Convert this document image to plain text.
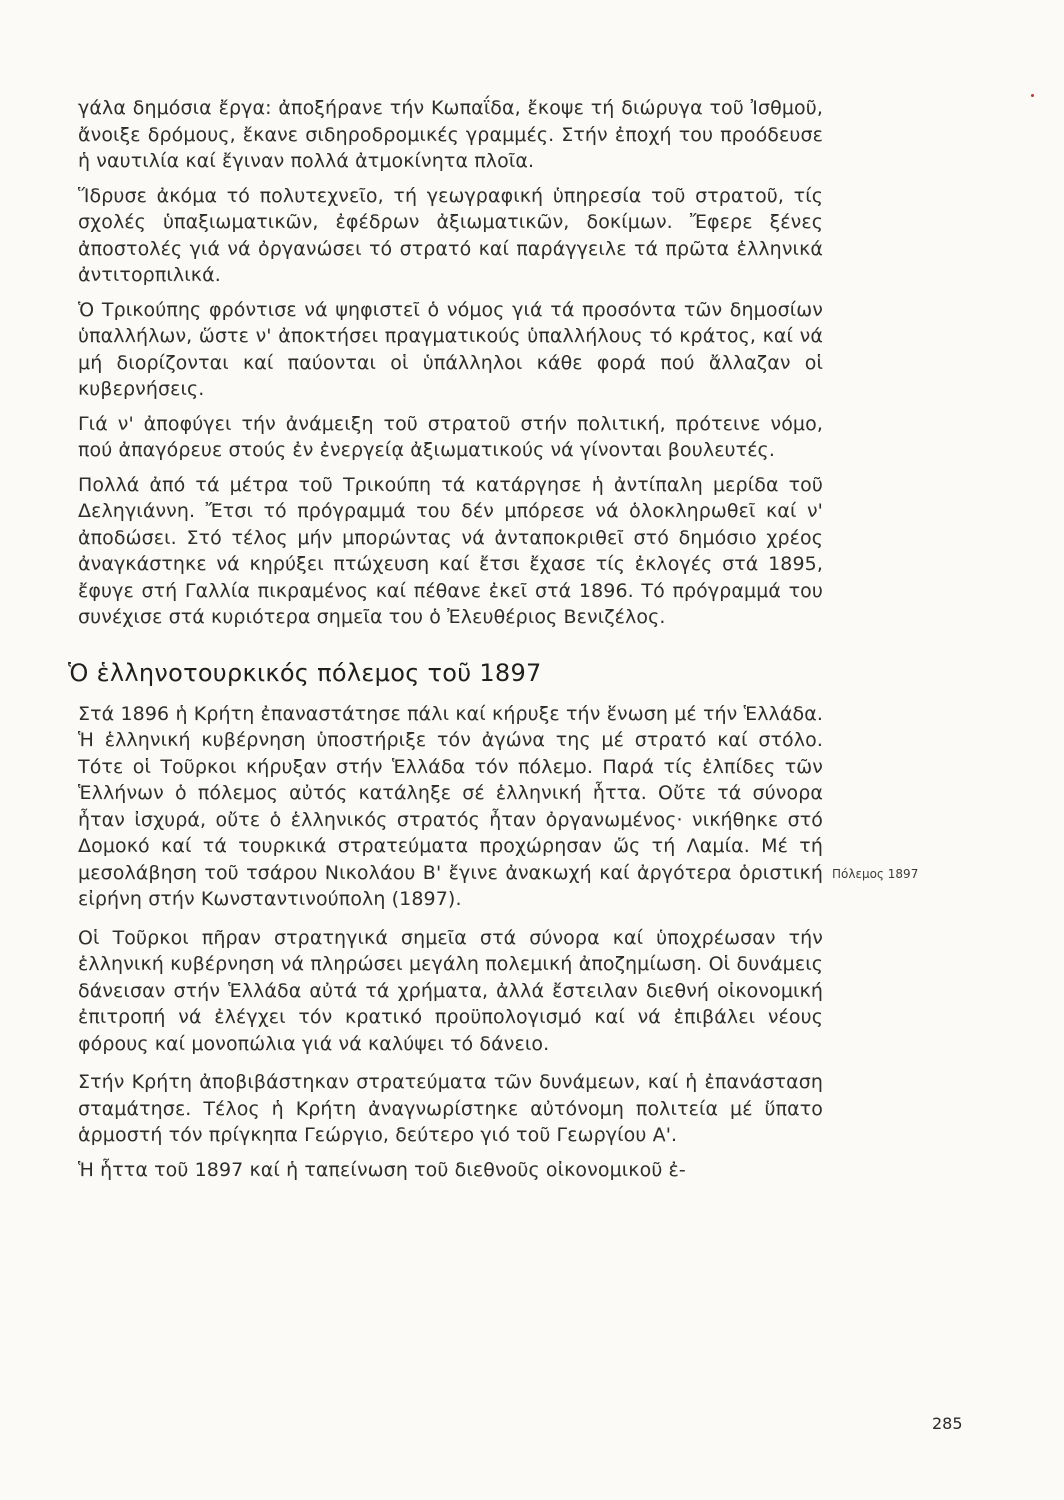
γάλα δημόσια ἔργα: ἀποξήρανε τήν Κωπαΐδα, ἔκοψε τή διώρυγα τοῦ Ἰσθμοῦ, ἄνοιξε δρόμους, ἔκανε σιδηροδρομικές γραμμές. Στήν ἐποχή του προόδευσε ἡ ναυτιλία καί ἔγιναν πολλά ἀτμοκίνητα πλοῖα.

Ἵδρυσε ἀκόμα τό πολυτεχνεῖο, τή γεωγραφική ὑπηρεσία τοῦ στρατοῦ, τίς σχολές ὑπαξιωματικῶν, ἐφέδρων ἀξιωματικῶν, δοκίμων. Ἔφερε ξένες ἀποστολές γιά νά ὀργανώσει τό στρατό καί παράγγειλε τά πρῶτα ἑλληνικά ἀντιτορπιλικά.

Ὁ Τρικούπης φρόντισε νά ψηφιστεῖ ὁ νόμος γιά τά προσόντα τῶν δημοσίων ὑπαλλήλων, ὥστε ν' ἀποκτήσει πραγματικούς ὑπαλλήλους τό κράτος, καί νά μή διορίζονται καί παύονται οἱ ὑπάλληλοι κάθε φορά πού ἄλλαζαν οἱ κυβερνήσεις.

Γιά ν' ἀποφύγει τήν ἀνάμειξη τοῦ στρατοῦ στήν πολιτική, πρότεινε νόμο, πού ἀπαγόρευε στούς ἐν ἐνεργείᾳ ἀξιωματικούς νά γίνονται βουλευτές.

Πολλά ἀπό τά μέτρα τοῦ Τρικούπη τά κατάργησε ἡ ἀντίπαλη μερίδα τοῦ Δεληγιάννη. Ἔτσι τό πρόγραμμά του δέν μπόρεσε νά ὁλοκληρωθεῖ καί ν' ἀποδώσει. Στό τέλος μήν μπορώντας νά ἀνταποκριθεῖ στό δημόσιο χρέος ἀναγκάστηκε νά κηρύξει πτώχευση καί ἔτσι ἔχασε τίς ἐκλογές στά 1895, ἔφυγε στή Γαλλία πικραμένος καί πέθανε ἐκεῖ στά 1896. Τό πρόγραμμά του συνέχισε στά κυριότερα σημεῖα του ὁ Ἐλευθέριος Βενιζέλος.

Ὁ ἑλληνοτουρκικός πόλεμος τοῦ 1897

Στά 1896 ἡ Κρήτη ἐπαναστάτησε πάλι καί κήρυξε τήν ἕνωση μέ τήν Ἑλλάδα. Ἡ ἑλληνική κυβέρνηση ὑποστήριξε τόν ἀγώνα της μέ στρατό καί στόλο. Τότε οἱ Τοῦρκοι κήρυξαν στήν Ἑλλάδα τόν πόλεμο. Παρά τίς ἐλπίδες τῶν Ἑλλήνων ὁ πόλεμος αὐτός κατάληξε σέ ἑλληνική ἧττα. Οὔτε τά σύνορα ἦταν ἰσχυρά, οὔτε ὁ ἑλληνικός στρατός ἦταν ὀργανωμένος· νικήθηκε στό Δομοκό καί τά τουρκικά στρατεύματα προχώρησαν ὥς τή Λαμία. Μέ τή μεσολάβηση τοῦ τσάρου Νικολάου Β' ἔγινε ἀνακωχή καί ἀργότερα ὁριστική εἰρήνη στήν Κωνσταντινούπολη (1897).

Οἱ Τοῦρκοι πῆραν στρατηγικά σημεῖα στά σύνορα καί ὑποχρέωσαν τήν ἑλληνική κυβέρνηση νά πληρώσει μεγάλη πολεμική ἀποζημίωση. Οἱ δυνάμεις δάνεισαν στήν Ἑλλάδα αὐτά τά χρήματα, ἀλλά ἔστειλαν διεθνή οἰκονομική ἐπιτροπή νά ἐλέγχει τόν κρατικό προϋπολογισμό καί νά ἐπιβάλει νέους φόρους καί μονοπώλια γιά νά καλύψει τό δάνειο.

Στήν Κρήτη ἀποβιβάστηκαν στρατεύματα τῶν δυνάμεων, καί ἡ ἐπανάσταση σταμάτησε. Τέλος ἡ Κρήτη ἀναγνωρίστηκε αὐτόνομη πολιτεία μέ ὕπατο ἁρμοστή τόν πρίγκηπα Γεώργιο, δεύτερο γιό τοῦ Γεωργίου Α'.

Ἡ ἧττα τοῦ 1897 καί ἡ ταπείνωση τοῦ διεθνοῦς οἰκονομικοῦ ἐ-

Πόλεμος 1897
285
